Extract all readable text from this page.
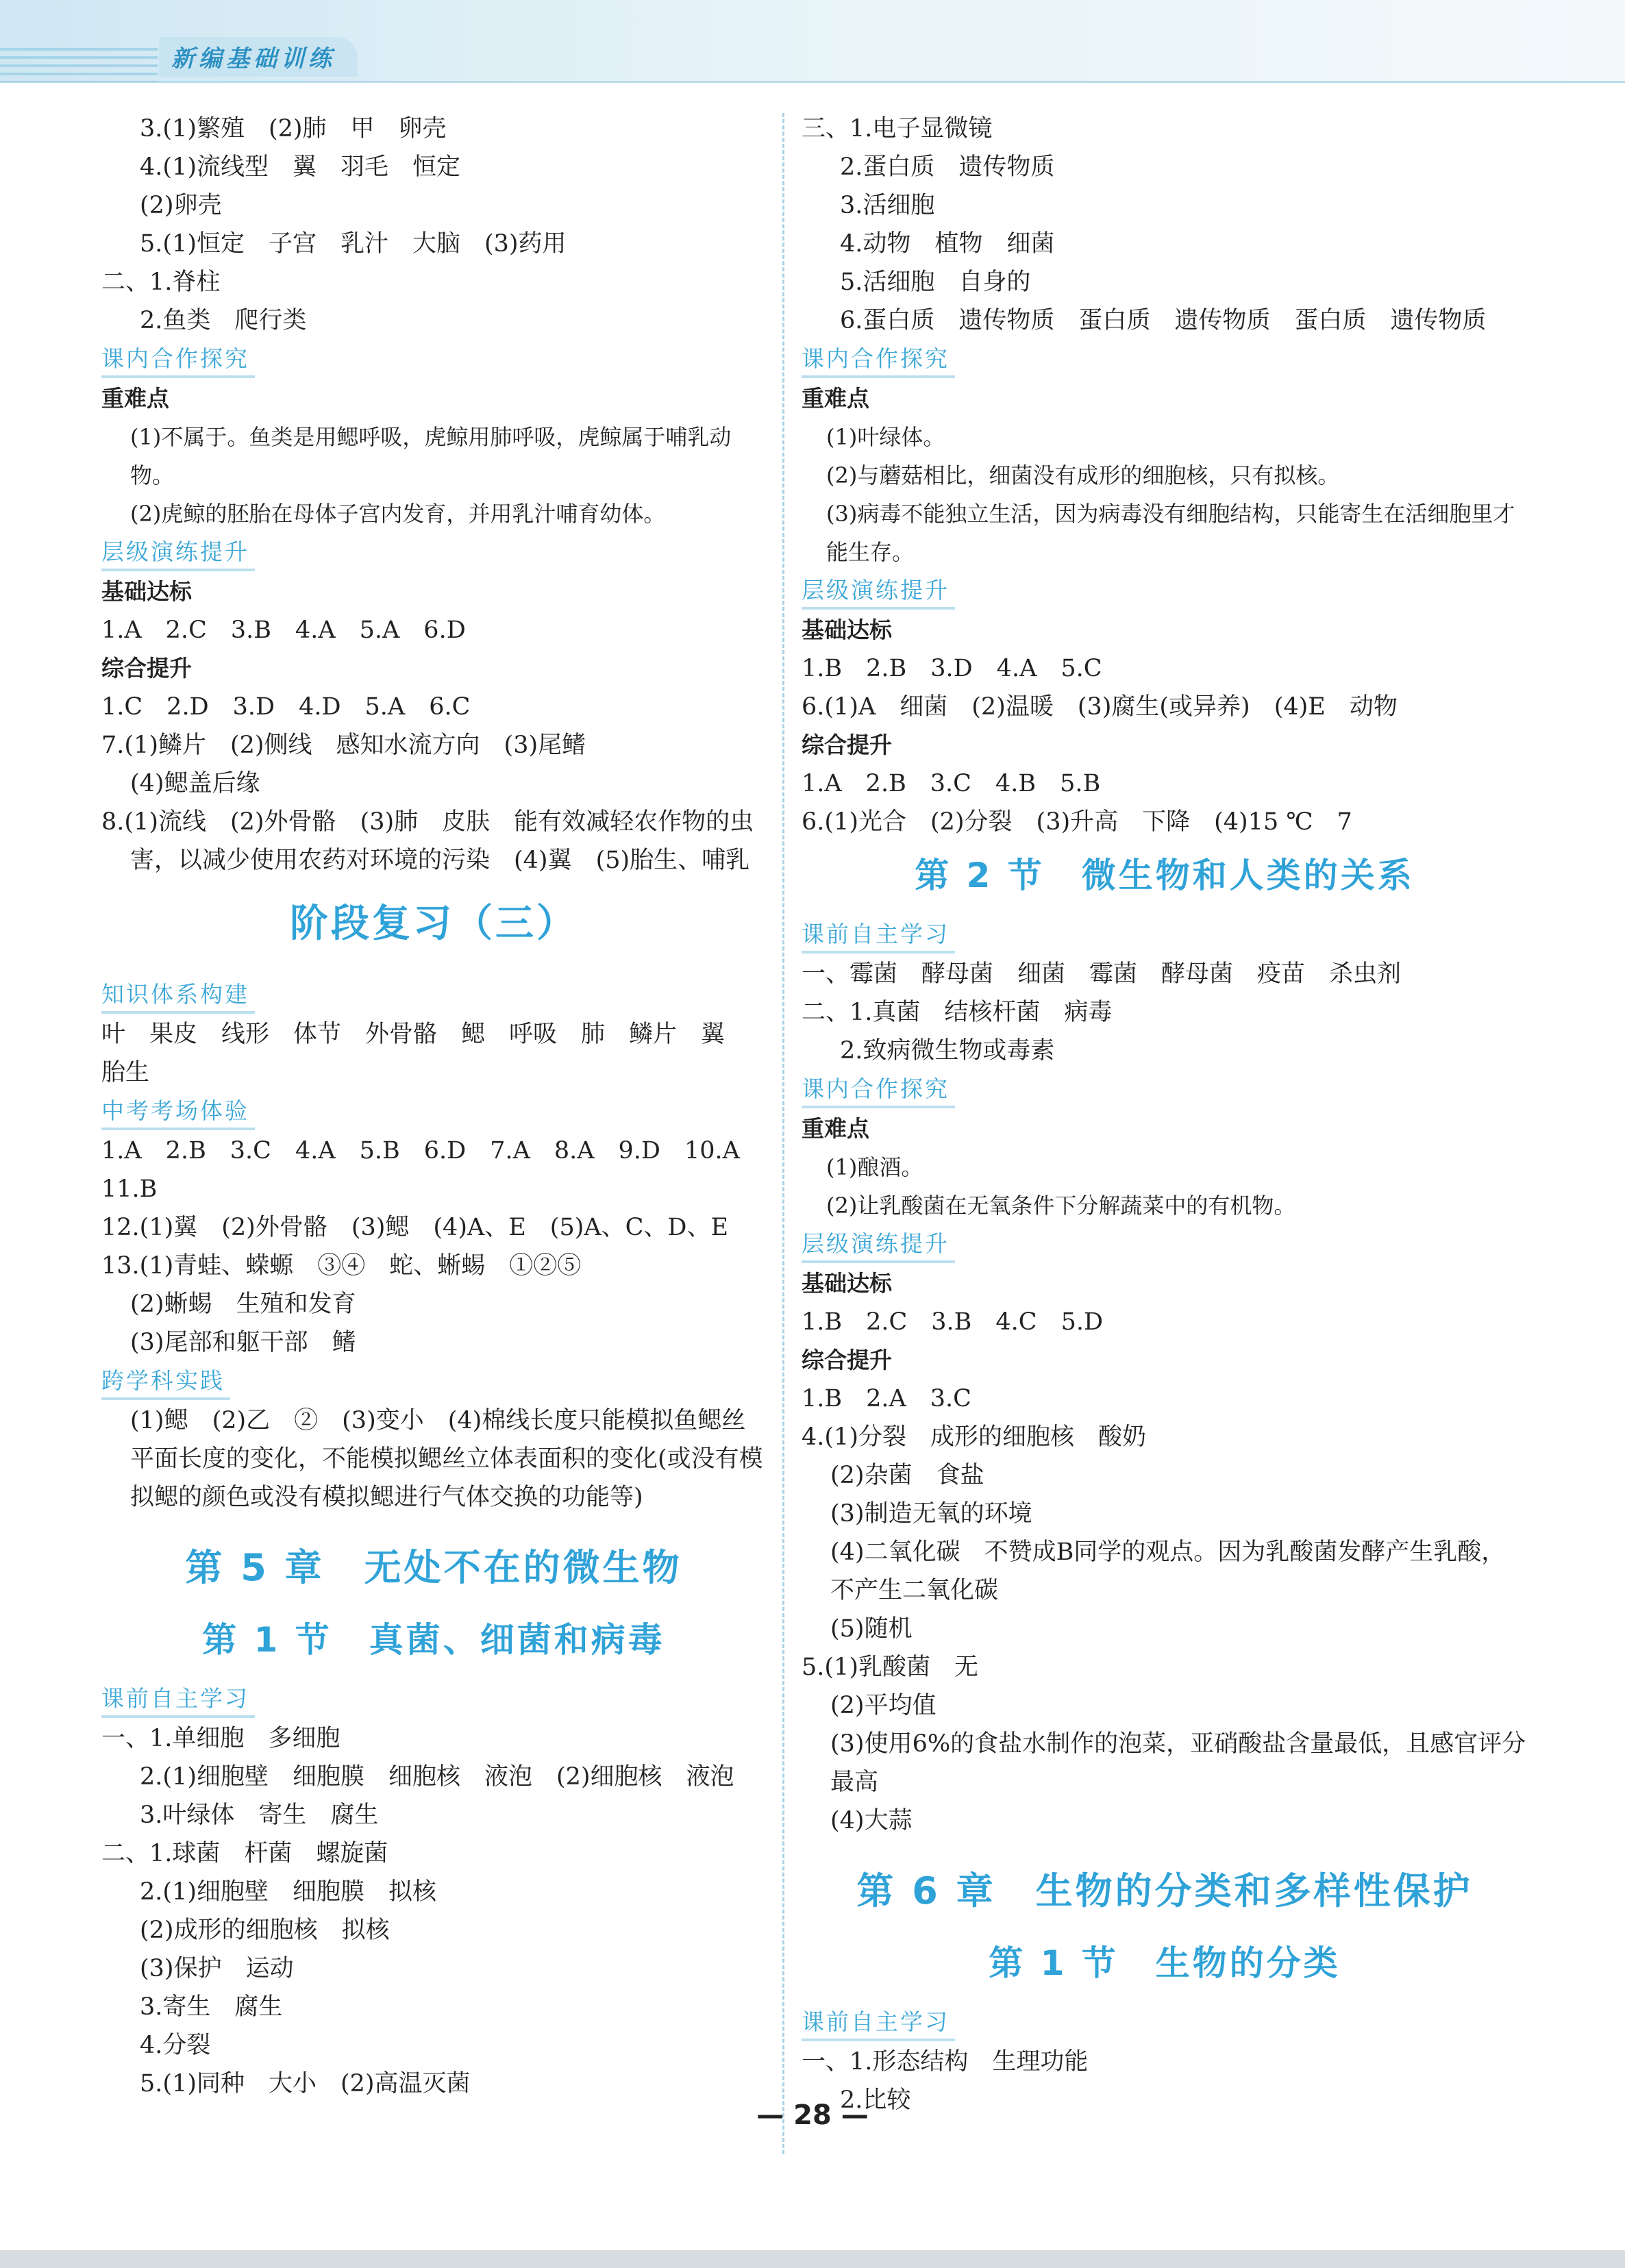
新编基础训练
3.(1)繁殖　(2)肺　甲　卵壳
4.(1)流线型　翼　羽毛　恒定
(2)卵壳
5.(1)恒定　子宫　乳汁　大脑　(3)药用
二、1.脊柱
2.鱼类　爬行类
课内合作探究
重难点
(1)不属于。鱼类是用鳃呼吸，虎鲸用肺呼吸，虎鲸属于哺乳动物。
(2)虎鲸的胚胎在母体子宫内发育，并用乳汁哺育幼体。
层级演练提升
基础达标
1.A　2.C　3.B　4.A　5.A　6.D
综合提升
1.C　2.D　3.D　4.D　5.A　6.C
7.(1)鳞片　(2)侧线　感知水流方向　(3)尾鳍
(4)鳃盖后缘
8.(1)流线　(2)外骨骼　(3)肺　皮肤　能有效减轻农作物的虫害，以减少使用农药对环境的污染　(4)翼　(5)胎生、哺乳
阶段复习（三）
知识体系构建
叶　果皮　线形　体节　外骨骼　鳃　呼吸　肺　鳞片　翼　胎生
中考考场体验
1.A　2.B　3.C　4.A　5.B　6.D　7.A　8.A　9.D　10.A
11.B
12.(1)翼　(2)外骨骼　(3)鳃　(4)A、E　(5)A、C、D、E
13.(1)青蛙、蝾螈　③④　蛇、蜥蜴　①②⑤
(2)蜥蜴　生殖和发育
(3)尾部和躯干部　鳍
跨学科实践
(1)鳃　(2)乙　②　(3)变小　(4)棉线长度只能模拟鱼鳃丝平面长度的变化，不能模拟鳃丝立体表面积的变化(或没有模拟鳃的颜色或没有模拟鳃进行气体交换的功能等)
第 5 章　无处不在的微生物
第 1 节　真菌、细菌和病毒
课前自主学习
一、1.单细胞　多细胞
2.(1)细胞壁　细胞膜　细胞核　液泡　(2)细胞核　液泡
3.叶绿体　寄生　腐生
二、1.球菌　杆菌　螺旋菌
2.(1)细胞壁　细胞膜　拟核
(2)成形的细胞核　拟核
(3)保护　运动
3.寄生　腐生
4.分裂
5.(1)同种　大小　(2)高温灭菌
三、1.电子显微镜
2.蛋白质　遗传物质
3.活细胞
4.动物　植物　细菌
5.活细胞　自身的
6.蛋白质　遗传物质　蛋白质　遗传物质　蛋白质　遗传物质
课内合作探究
重难点
(1)叶绿体。
(2)与蘑菇相比，细菌没有成形的细胞核，只有拟核。
(3)病毒不能独立生活，因为病毒没有细胞结构，只能寄生在活细胞里才能生存。
层级演练提升
基础达标
1.B　2.B　3.D　4.A　5.C
6.(1)A　细菌　(2)温暖　(3)腐生(或异养)　(4)E　动物
综合提升
1.A　2.B　3.C　4.B　5.B
6.(1)光合　(2)分裂　(3)升高　下降　(4)15 ℃　7
第 2 节　微生物和人类的关系
课前自主学习
一、霉菌　酵母菌　细菌　霉菌　酵母菌　疫苗　杀虫剂
二、1.真菌　结核杆菌　病毒
2.致病微生物或毒素
课内合作探究
重难点
(1)酿酒。
(2)让乳酸菌在无氧条件下分解蔬菜中的有机物。
层级演练提升
基础达标
1.B　2.C　3.B　4.C　5.D
综合提升
1.B　2.A　3.C
4.(1)分裂　成形的细胞核　酸奶
(2)杂菌　食盐
(3)制造无氧的环境
(4)二氧化碳　不赞成B同学的观点。因为乳酸菌发酵产生乳酸，不产生二氧化碳
(5)随机
5.(1)乳酸菌　无
(2)平均值
(3)使用6%的食盐水制作的泡菜，亚硝酸盐含量最低，且感官评分最高
(4)大蒜
第 6 章　生物的分类和多样性保护
第 1 节　生物的分类
课前自主学习
一、1.形态结构　生理功能
2.比较
— 28 —
